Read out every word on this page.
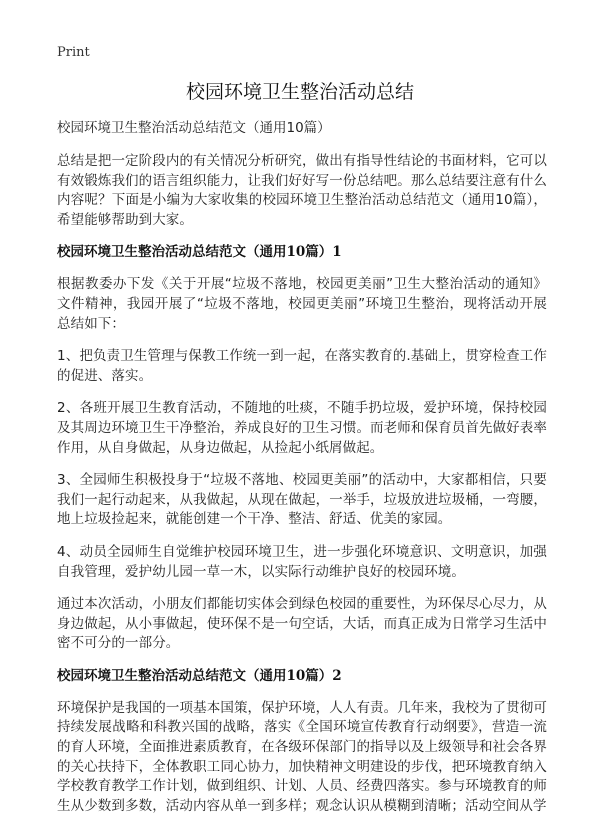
Print
校园环境卫生整治活动总结

校园环境卫生整治活动总结范文（通用10篇）

总结是把一定阶段内的有关情况分析研究，做出有指导性结论的书面材料，它可以有效锻炼我们的语言组织能力，让我们好好写一份总结吧。那么总结要注意有什么内容呢？下面是小编为大家收集的校园环境卫生整治活动总结范文（通用10篇），希望能够帮助到大家。

校园环境卫生整治活动总结范文（通用10篇）1

根据教委办下发《关于开展“垃圾不落地，校园更美丽”卫生大整治活动的通知》文件精神，我园开展了“垃圾不落地，校园更美丽”环境卫生整治，现将活动开展总结如下：

1、把负责卫生管理与保教工作统一到一起，在落实教育的.基础上，贯穿检查工作的促进、落实。

2、各班开展卫生教育活动，不随地的吐痰，不随手扔垃圾，爱护环境，保持校园及其周边环境卫生干净整治，养成良好的卫生习惯。而老师和保育员首先做好表率作用，从自身做起，从身边做起，从捡起小纸屑做起。

3、全园师生积极投身于“垃圾不落地、校园更美丽”的活动中，大家都相信，只要我们一起行动起来，从我做起，从现在做起，一举手，垃圾放进垃圾桶，一弯腰，地上垃圾捡起来，就能创建一个干净、整洁、舒适、优美的家园。

4、动员全园师生自觉维护校园环境卫生，进一步强化环境意识、文明意识，加强自我管理，爱护幼儿园一草一木，以实际行动维护良好的校园环境。

通过本次活动，小朋友们都能切实体会到绿色校园的重要性，为环保尽心尽力，从身边做起，从小事做起，使环保不是一句空话，大话，而真正成为日常学习生活中密不可分的一部分。

校园环境卫生整治活动总结范文（通用10篇）2

环境保护是我国的一项基本国策，保护环境，人人有责。几年来，我校为了贯彻可持续发展战略和科教兴国的战略，落实《全国环境宣传教育行动纲要》，营造一流的育人环境，全面推进素质教育，在各级环保部门的指导以及上级领导和社会各界的关心扶持下，全体教职工同心协力，加快精神文明建设的步伐，把环境教育纳入学校教育教学工作计划，做到组织、计划、人员、经费四落实。参与环境教育的师生从少数到多数，活动内容从单一到多样；观念认识从模糊到清晰；活动空间从学
